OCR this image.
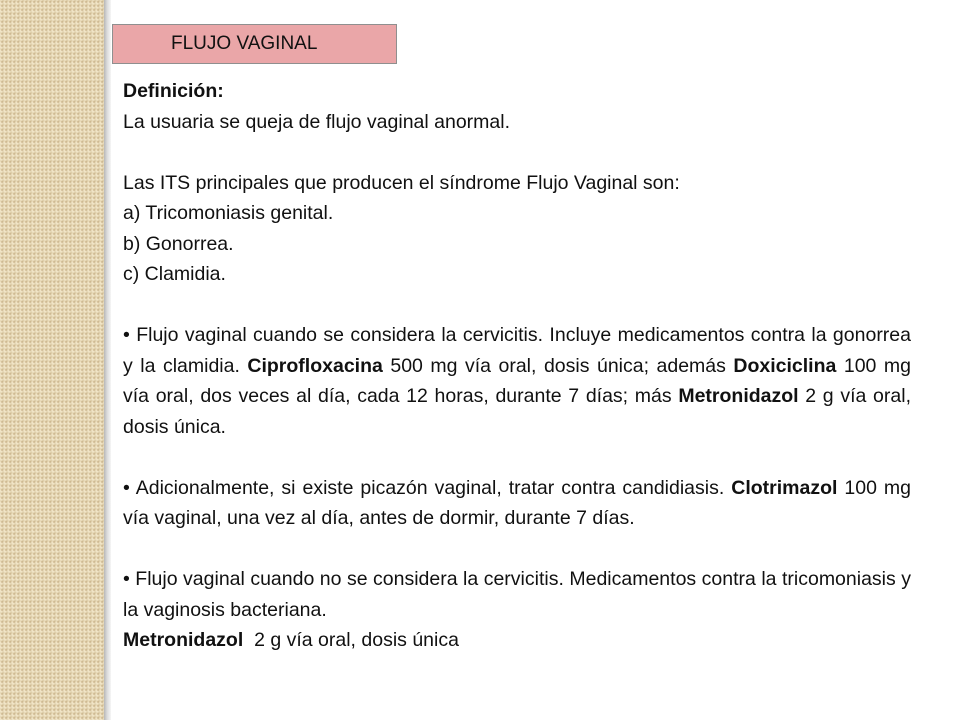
FLUJO VAGINAL

Definición:

La usuaria se queja de flujo vaginal anormal.

Las ITS principales que producen el síndrome Flujo Vaginal son:

a) Tricomoniasis genital.

b) Gonorrea.

c) Clamidia.

• Flujo vaginal cuando se considera la cervicitis. Incluye medicamentos contra la gonorrea y la clamidia. Ciprofloxacina 500 mg vía oral, dosis única; además Doxiciclina 100 mg vía oral, dos veces al día, cada 12 horas, durante 7 días; más Metronidazol 2 g vía oral, dosis única.

• Adicionalmente, si existe picazón vaginal, tratar contra candidiasis. Clotrimazol 100 mg vía vaginal, una vez al día, antes de dormir, durante 7 días.

• Flujo vaginal cuando no se considera la cervicitis. Medicamentos contra la tricomoniasis y la vaginosis bacteriana.

Metronidazol  2 g vía oral, dosis única
